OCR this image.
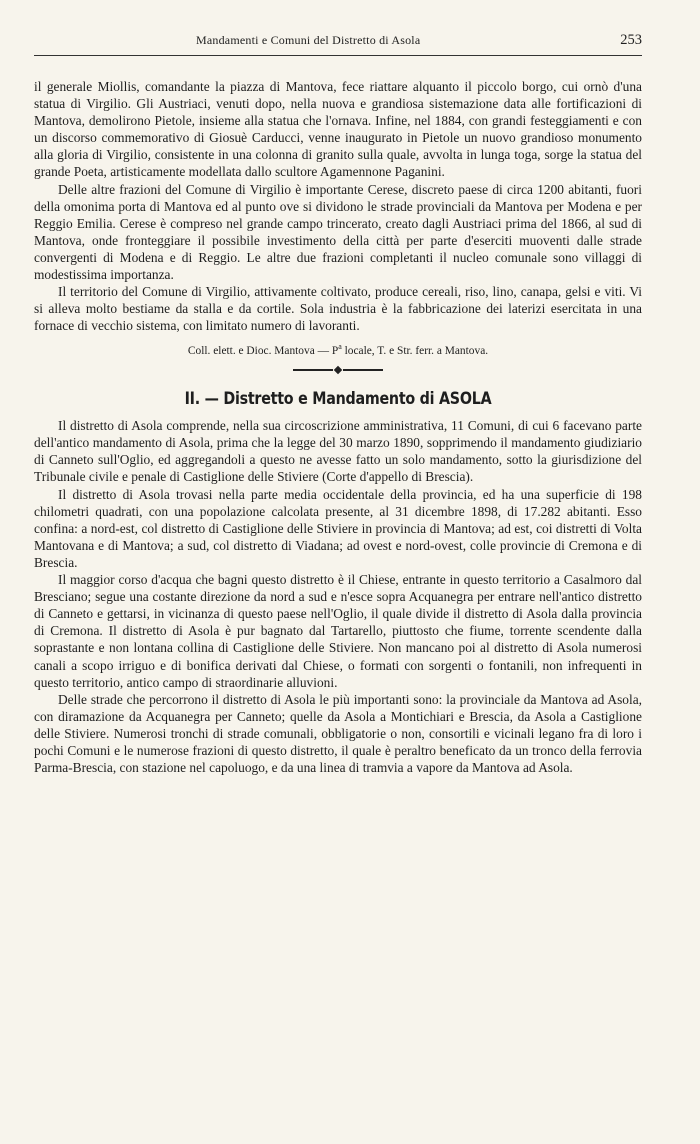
Mandamenti e Comuni del Distretto di Asola	253

il generale Miollis, comandante la piazza di Mantova, fece riattare alquanto il piccolo borgo, cui ornò d'una statua di Virgilio. Gli Austriaci, venuti dopo, nella nuova e grandiosa sistemazione data alle fortificazioni di Mantova, demolirono Pietole, insieme alla statua che l'ornava. Infine, nel 1884, con grandi festeggiamenti e con un discorso commemorativo di Giosuè Carducci, venne inaugurato in Pietole un nuovo grandioso monumento alla gloria di Virgilio, consistente in una colonna di granito sulla quale, avvolta in lunga toga, sorge la statua del grande Poeta, artisticamente modellata dallo scultore Agamennone Paganini.

Delle altre frazioni del Comune di Virgilio è importante Cerese, discreto paese di circa 1200 abitanti, fuori della omonima porta di Mantova ed al punto ove si dividono le strade provinciali da Mantova per Modena e per Reggio Emilia. Cerese è compreso nel grande campo trincerato, creato dagli Austriaci prima del 1866, al sud di Mantova, onde fronteggiare il possibile investimento della città per parte d'eserciti muoventi dalle strade convergenti di Modena e di Reggio. Le altre due frazioni completanti il nucleo comunale sono villaggi di modestissima importanza.

Il territorio del Comune di Virgilio, attivamente coltivato, produce cereali, riso, lino, canapa, gelsi e viti. Vi si alleva molto bestiame da stalla e da cortile. Sola industria è la fabbricazione dei laterizi esercitata in una fornace di vecchio sistema, con limitato numero di lavoranti.

Coll. elett. e Dioc. Mantova — $P^a$ locale, T. e Str. ferr. a Mantova.
II. — Distretto e Mandamento di ASOLA

Il distretto di Asola comprende, nella sua circoscrizione amministrativa, 11 Comuni, di cui 6 facevano parte dell'antico mandamento di Asola, prima che la legge del 30 marzo 1890, sopprimendo il mandamento giudiziario di Canneto sull'Oglio, ed aggregandoli a questo ne avesse fatto un solo mandamento, sotto la giurisdizione del Tribunale civile e penale di Castiglione delle Stiviere (Corte d'appello di Brescia).

Il distretto di Asola trovasi nella parte media occidentale della provincia, ed ha una superficie di 198 chilometri quadrati, con una popolazione calcolata presente, al 31 dicembre 1898, di 17.282 abitanti. Esso confina: a nord-est, col distretto di Castiglione delle Stiviere in provincia di Mantova; ad est, coi distretti di Volta Mantovana e di Mantova; a sud, col distretto di Viadana; ad ovest e nord-ovest, colle provincie di Cremona e di Brescia.

Il maggior corso d'acqua che bagni questo distretto è il Chiese, entrante in questo territorio a Casalmoro dal Bresciano; segue una costante direzione da nord a sud e n'esce sopra Acquanegra per entrare nell'antico distretto di Canneto e gettarsi, in vicinanza di questo paese nell'Oglio, il quale divide il distretto di Asola dalla provincia di Cremona. Il distretto di Asola è pur bagnato dal Tartarello, piuttosto che fiume, torrente scendente dalla soprastante e non lontana collina di Castiglione delle Stiviere. Non mancano poi al distretto di Asola numerosi canali a scopo irriguo e di bonifica derivati dal Chiese, o formati con sorgenti o fontanili, non infrequenti in questo territorio, antico campo di straordinarie alluvioni.

Delle strade che percorrono il distretto di Asola le più importanti sono: la provinciale da Mantova ad Asola, con diramazione da Acquanegra per Canneto; quelle da Asola a Montichiari e Brescia, da Asola a Castiglione delle Stiviere. Numerosi tronchi di strade comunali, obbligatorie o non, consortili e vicinali legano fra di loro i pochi Comuni e le numerose frazioni di questo distretto, il quale è peraltro beneficato da un tronco della ferrovia Parma-Brescia, con stazione nel capoluogo, e da una linea di tramvia a vapore da Mantova ad Asola.
